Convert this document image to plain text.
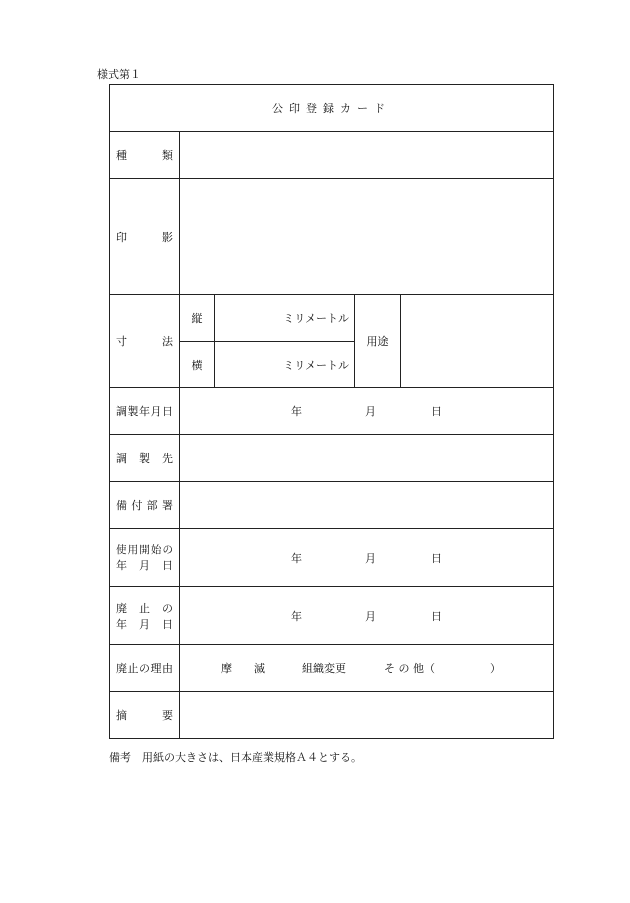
様式第１
公印登録カード				
種類				
印影				
寸法	縦	ミリメートル	用途	
	横	ミリメートル		
調製年月日	年 月 日			

調製先				
備付部署				

使用開始の
年月日	年 月 日			

廃止の
年月日	年 月 日			

廃止の理由	摩　　滅 組織変更 そ の 他（　　　　　）			

摘要				
備考　用紙の大きさは、日本産業規格Ａ４とする。
